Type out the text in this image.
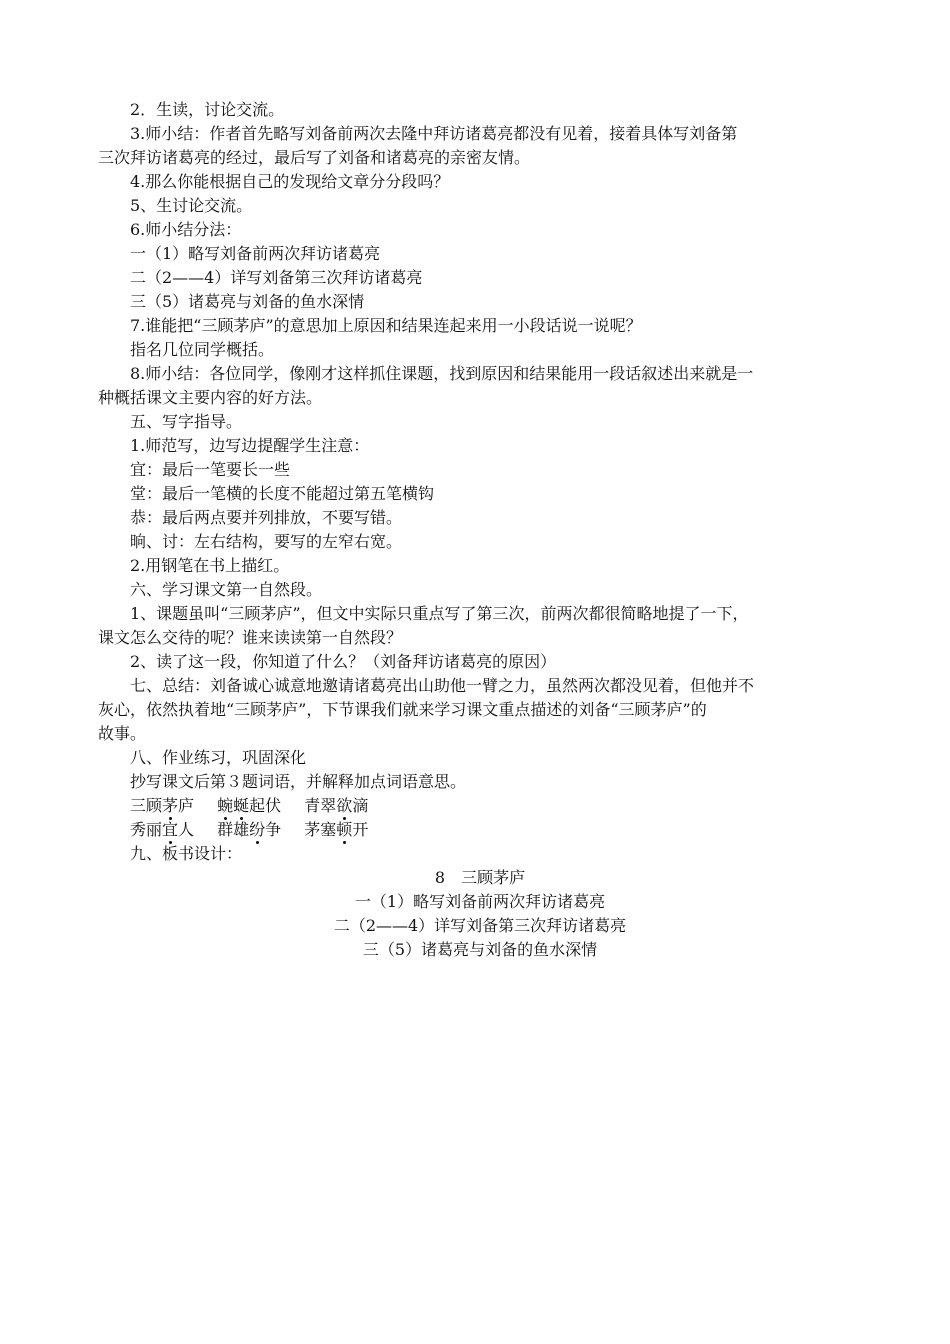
2．生读，讨论交流。

3.师小结：作者首先略写刘备前两次去隆中拜访诸葛亮都没有见着，接着具体写刘备第

三次拜访诸葛亮的经过，最后写了刘备和诸葛亮的亲密友情。

4.那么你能根据自己的发现给文章分分段吗？

5、生讨论交流。

6.师小结分法：

一（1）略写刘备前两次拜访诸葛亮

二（2——4）详写刘备第三次拜访诸葛亮

三（5）诸葛亮与刘备的鱼水深情

7.谁能把“三顾茅庐”的意思加上原因和结果连起来用一小段话说一说呢？

指名几位同学概括。

8.师小结：各位同学，像刚才这样抓住课题，找到原因和结果能用一段话叙述出来就是一

种概括课文主要内容的好方法。

五、写字指导。

1.师范写，边写边提醒学生注意：

宜：最后一笔要长一些

堂：最后一笔横的长度不能超过第五笔横钩

恭：最后两点要并列排放，不要写错。

晌、讨：左右结构，要写的左窄右宽。

2.用钢笔在书上描红。

六、学习课文第一自然段。

1、课题虽叫“三顾茅庐”，但文中实际只重点写了第三次，前两次都很简略地提了一下，

课文怎么交待的呢？谁来读读第一自然段？

2、读了这一段，你知道了什么？（刘备拜访诸葛亮的原因）

七、总结：刘备诚心诚意地邀请诸葛亮出山助他一臂之力，虽然两次都没见着，但他并不

灰心，依然执着地“三顾茅庐”，下节课我们就来学习课文重点描述的刘备“三顾茅庐”的

故事。

八、作业练习，巩固深化

抄写课文后第３题词语，并解释加点词语意思。

三顾茅庐 蜿蜒起伏 青翠欲滴

秀丽宜人 群雄纷争 茅塞顿开

九、板书设计：

8　三顾茅庐

一（1）略写刘备前两次拜访诸葛亮

二（2——4）详写刘备第三次拜访诸葛亮

三（5）诸葛亮与刘备的鱼水深情
